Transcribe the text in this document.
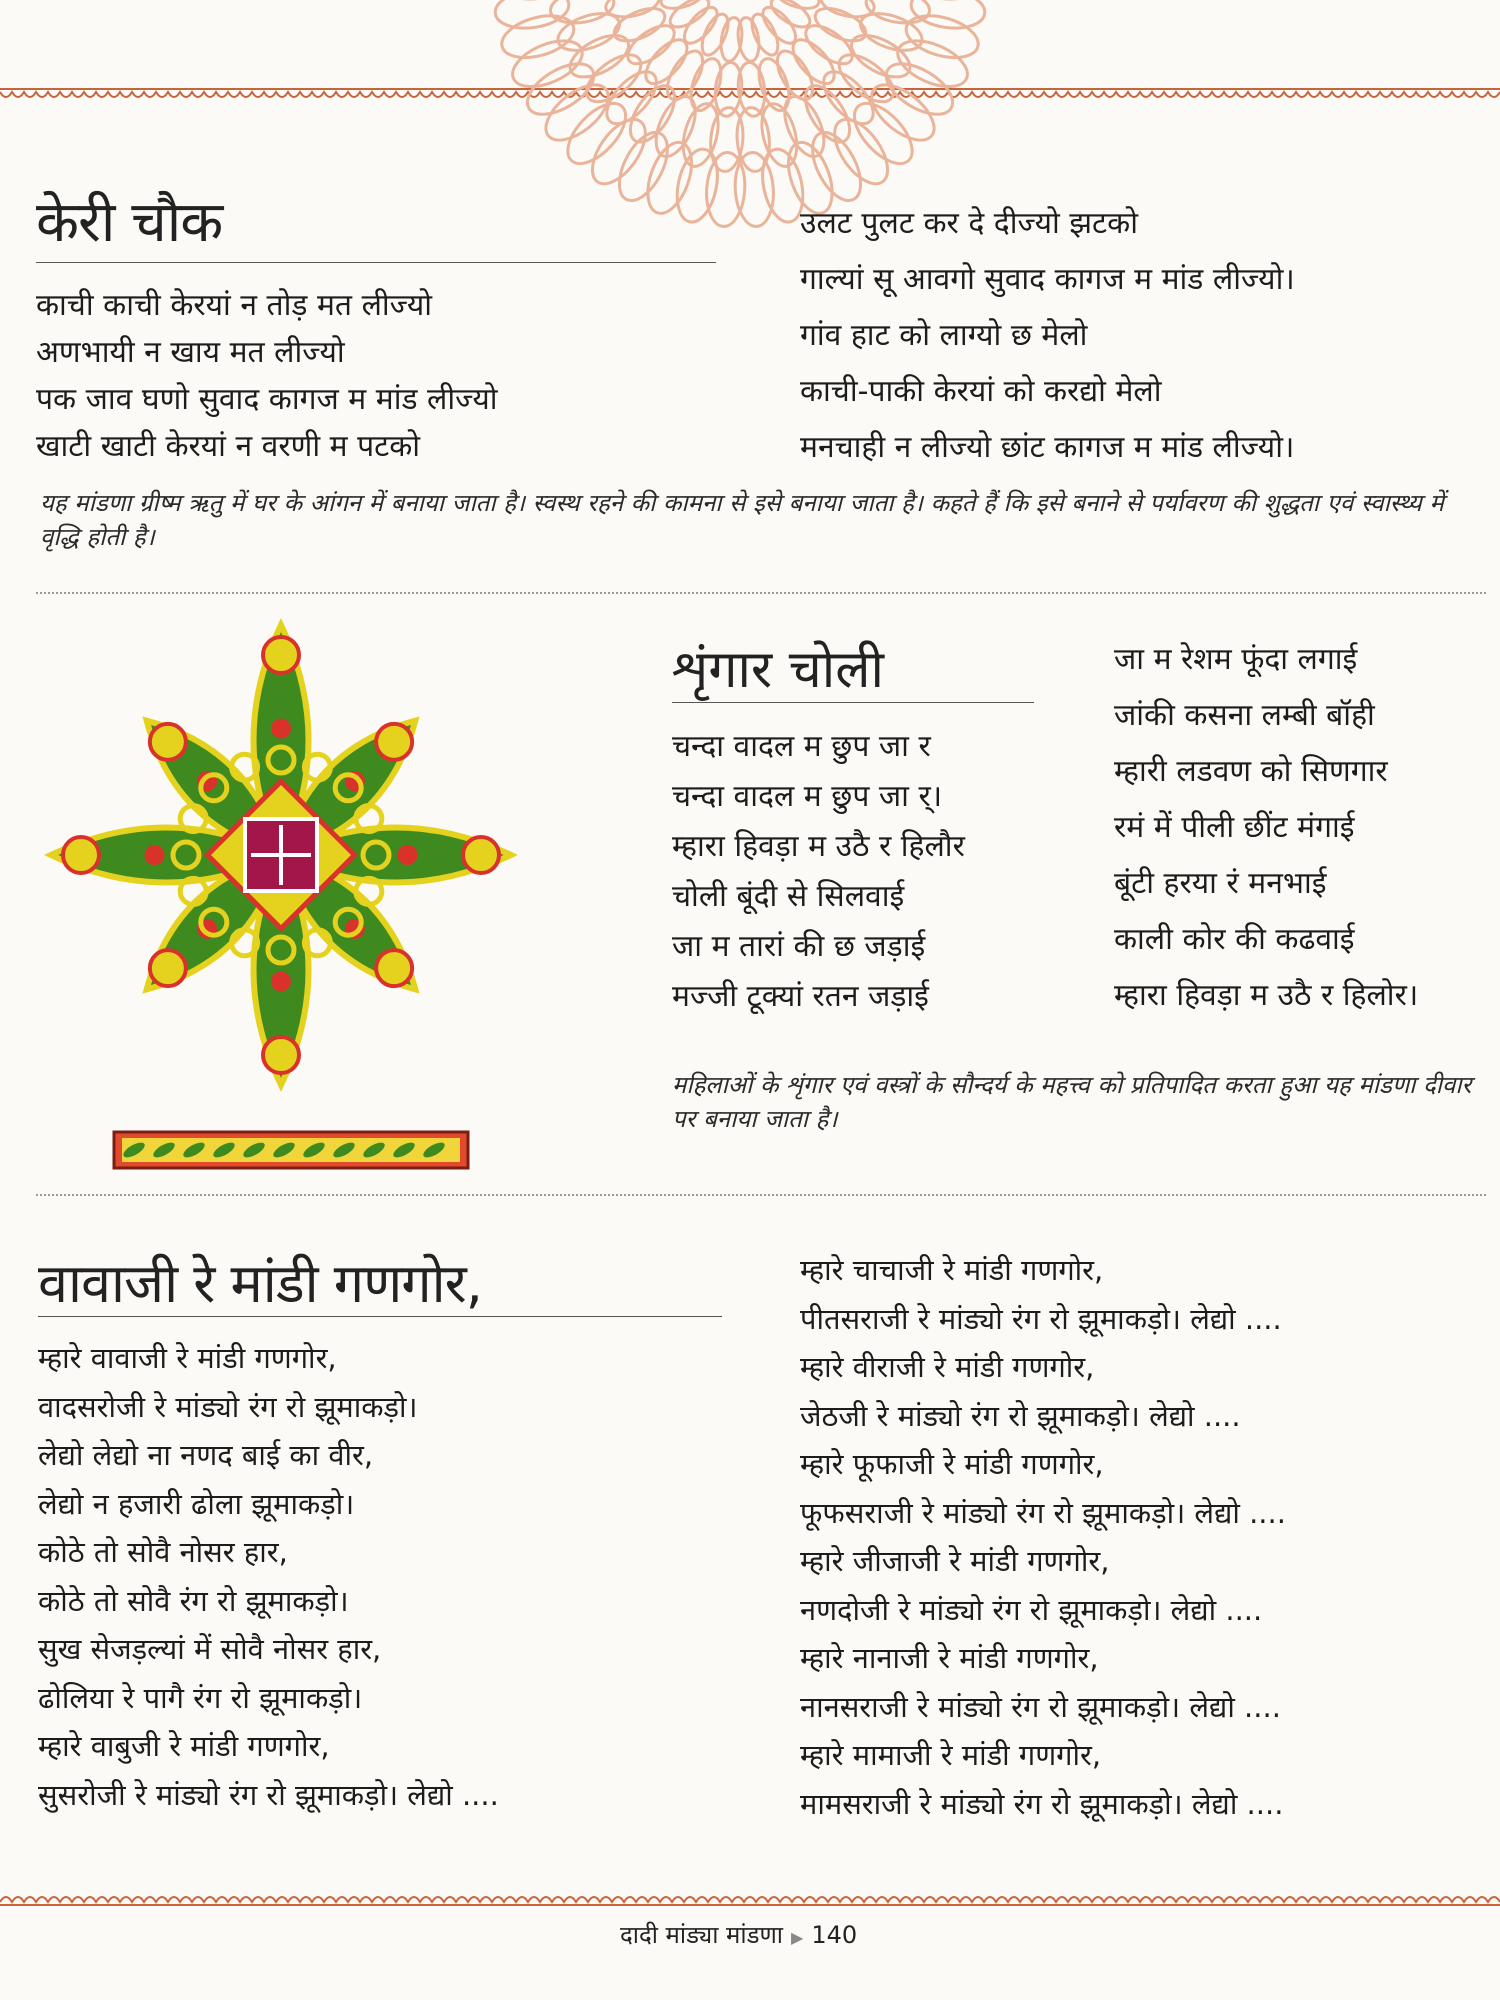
केरी चौक
काची काची केरयां न तोड़ मत लीज्यो
अणभायी न खाय मत लीज्यो
पक जाव घणो सुवाद कागज म मांड लीज्यो
खाटी खाटी केरयां न वरणी म पटको
उलट पुलट कर दे दीज्यो झटको
गाल्यां सू आवगो सुवाद कागज म मांड लीज्यो।
गांव हाट को लाग्यो छ मेलो
काची-पाकी केरयां को करद्यो मेलो
मनचाही न लीज्यो छांट कागज म मांड लीज्यो।

यह मांडणा ग्रीष्म ऋतु में घर के आंगन में बनाया जाता है। स्वस्थ रहने की कामना से इसे बनाया जाता है। कहते हैं कि इसे बनाने से पर्यावरण की शुद्धता एवं स्वास्थ्य में वृद्धि होती है।

शृंगार चोली
चन्दा वादल म छुप जा र
चन्दा वादल म छुप जा र्।
म्हारा हिवड़ा म उठै र हिलौर
चोली बूंदी से सिलवाई
जा म तारां की छ जड़ाई
मज्जी टूक्यां रतन जड़ाई
जा म रेशम फूंदा लगाई
जांकी कसना लम्बी बॉही
म्हारी लडवण को सिणगार
रमं में पीली छींट मंगाई
बूंटी हरया रं मनभाई
काली कोर की कढवाई
म्हारा हिवड़ा म उठै र हिलोर।

महिलाओं के शृंगार एवं वस्त्रों के सौन्दर्य के महत्त्व को प्रतिपादित करता हुआ यह मांडणा दीवार पर बनाया जाता है।

वावाजी रे मांडी गणगोर,
म्हारे वावाजी रे मांडी गणगोर,
वादसरोजी रे मांड्यो रंग रो झूमाकड़ो।
लेद्यो लेद्यो ना नणद बाई का वीर,
लेद्यो न हजारी ढोला झूमाकड़ो।
कोठे तो सोवै नोसर हार,
कोठे तो सोवै रंग रो झूमाकड़ो।
सुख सेजड़ल्यां में सोवै नोसर हार,
ढोलिया रे पागै रंग रो झूमाकड़ो।
म्हारे वाबुजी रे मांडी गणगोर,
सुसरोजी रे मांड्यो रंग रो झूमाकड़ो। लेद्यो ....
म्हारे चाचाजी रे मांडी गणगोर,
पीतसराजी रे मांड्यो रंग रो झूमाकड़ो। लेद्यो ....
म्हारे वीराजी रे मांडी गणगोर,
जेठजी रे मांड्यो रंग रो झूमाकड़ो। लेद्यो ....
म्हारे फूफाजी रे मांडी गणगोर,
फूफसराजी रे मांड्यो रंग रो झूमाकड़ो। लेद्यो ....
म्हारे जीजाजी रे मांडी गणगोर,
नणदोजी रे मांड्यो रंग रो झूमाकड़ो। लेद्यो ....
म्हारे नानाजी रे मांडी गणगोर,
नानसराजी रे मांड्यो रंग रो झूमाकड़ो। लेद्यो ....
म्हारे मामाजी रे मांडी गणगोर,
मामसराजी रे मांड्यो रंग रो झूमाकड़ो। लेद्यो ....
दादी मांड्या मांडणा ▶ 140
